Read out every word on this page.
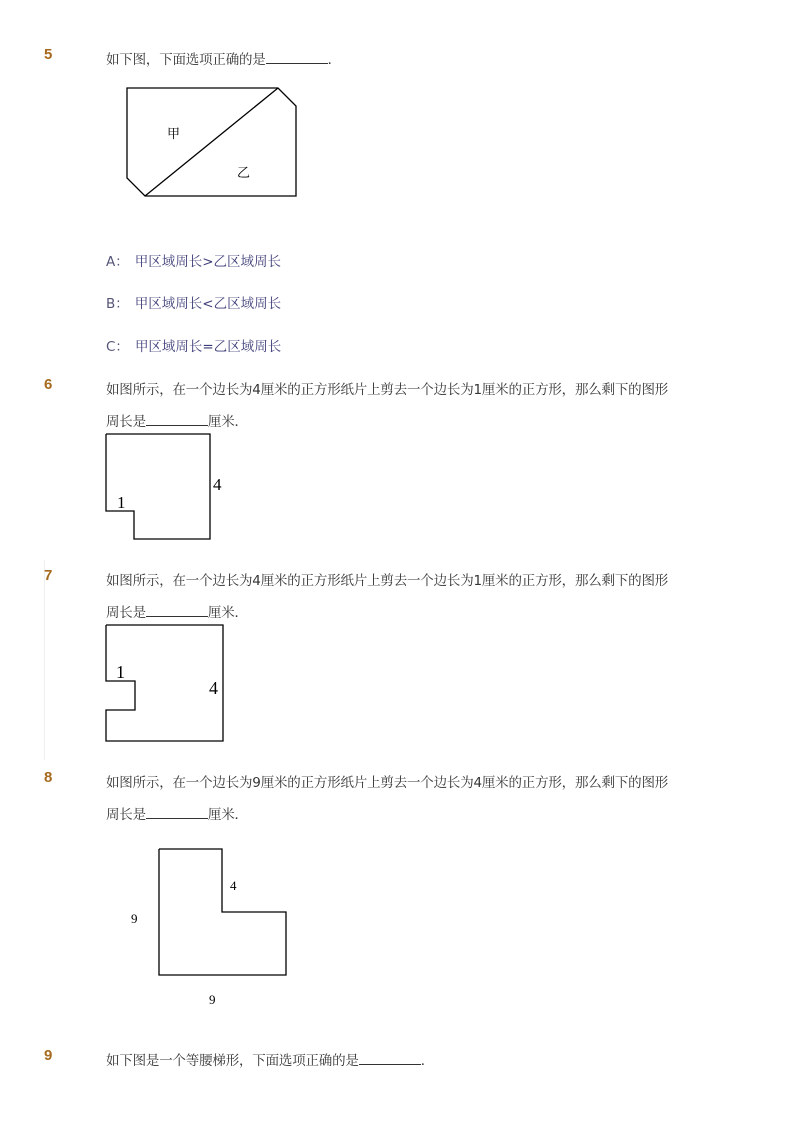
5	如下图，下面选项正确的是	．
甲
乙
A： 甲区域周长>乙区域周长
B： 甲区域周长<乙区域周长
C： 甲区域周长=乙区域周长
6	如图所示，在一个边长为4厘米的正方形纸片上剪去一个边长为1厘米的正方形，那么剩下的图形
周长是	厘米．
1
4
7	如图所示，在一个边长为4厘米的正方形纸片上剪去一个边长为1厘米的正方形，那么剩下的图形
周长是	厘米．
1
4
8	如图所示，在一个边长为9厘米的正方形纸片上剪去一个边长为4厘米的正方形，那么剩下的图形
周长是	厘米．
4
9
9
9	如下图是一个等腰梯形，下面选项正确的是	．
